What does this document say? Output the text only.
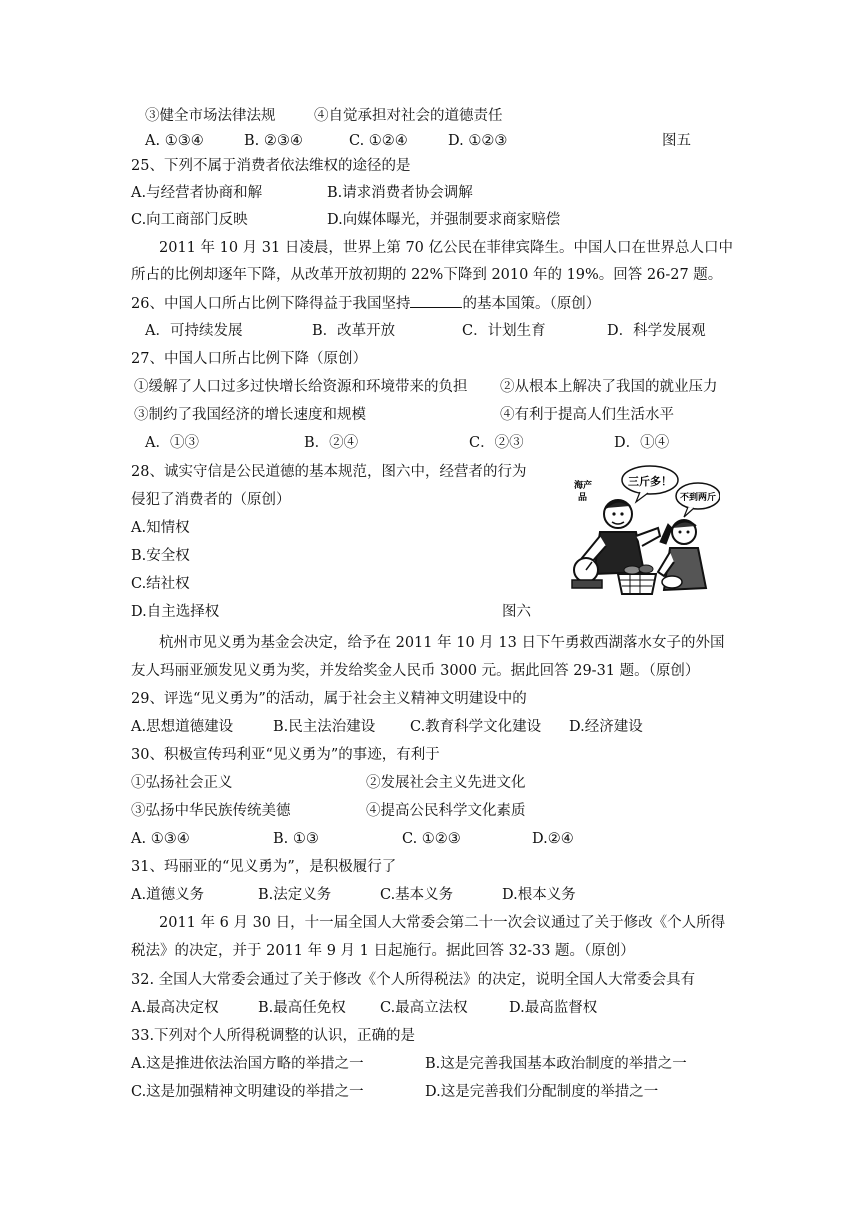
③健全市场法律法规	④自觉承担对社会的道德责任
A. ①③④	B. ②③④	C. ①②④	D. ①②③	图五
25、下列不属于消费者依法维权的途径的是
A.与经营者协商和解	B.请求消费者协会调解
C.向工商部门反映	D.向媒体曝光，并强制要求商家赔偿
2011 年 10 月 31 日凌晨，世界上第 70 亿公民在菲律宾降生。中国人口在世界总人口中
所占的比例却逐年下降，从改革开放初期的 22%下降到 2010 年的 19%。回答 26-27 题。
26、中国人口所占比例下降得益于我国坚持	的基本国策。（原创）
A．可持续发展	B．改革开放	C．计划生育	D．科学发展观
27、中国人口所占比例下降（原创）
①缓解了人口过多过快增长给资源和环境带来的负担 ②从根本上解决了我国的就业压力
③制约了我国经济的增长速度和规模	④有利于提高人们生活水平
A．①③	B．②④	C．②③	D．①④
28、诚实守信是公民道德的基本规范，图六中，经营者的行为
侵犯了消费者的（原创）
A.知情权
B.安全权
C.结社权
D.自主选择权	图六
三斤多！
不到两斤
海产
品
杭州市见义勇为基金会决定，给予在 2011 年 10 月 13 日下午勇救西湖落水女子的外国
友人玛丽亚颁发见义勇为奖，并发给奖金人民币 3000 元。据此回答 29-31 题。（原创）
29、评选“见义勇为”的活动，属于社会主义精神文明建设中的
A.思想道德建设	B.民主法治建设 C.教育科学文化建设 D.经济建设
30、积极宣传玛利亚“见义勇为”的事迹，有利于
①弘扬社会正义	②发展社会主义先进文化
③弘扬中华民族传统美德	④提高公民科学文化素质
A. ①③④	B. ①③	C. ①②③	D.②④
31、玛丽亚的“见义勇为”，是积极履行了
A.道德义务	B.法定义务	C.基本义务	D.根本义务
2011 年 6 月 30 日，十一届全国人大常委会第二十一次会议通过了关于修改《个人所得
税法》的决定，并于 2011 年 9 月 1 日起施行。据此回答 32-33 题。（原创）
32. 全国人大常委会通过了关于修改《个人所得税法》的决定，说明全国人大常委会具有
A.最高决定权	B.最高任免权 C.最高立法权	D.最高监督权
33.下列对个人所得税调整的认识，正确的是
A.这是推进依法治国方略的举措之一	B.这是完善我国基本政治制度的举措之一
C.这是加强精神文明建设的举措之一	D.这是完善我们分配制度的举措之一
